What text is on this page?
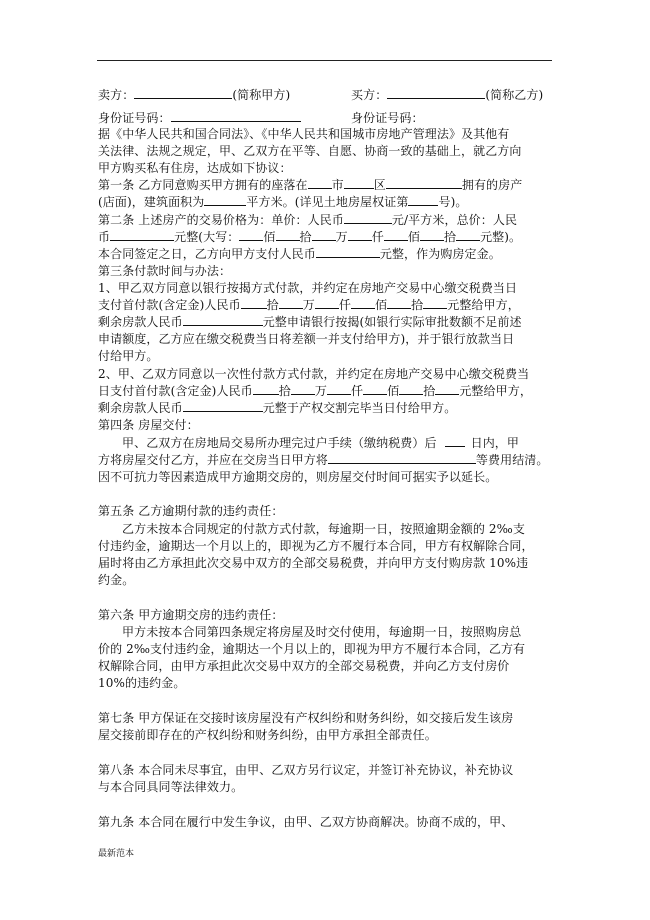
卖方：	(简称甲方)	买方：	(简称乙方)
身份证号码：	身份证号码：
据《中华人民共和国合同法》、《中华人民共和国城市房地产管理法》及其他有
关法律、法规之规定，甲、乙双方在平等、自愿、协商一致的基础上，就乙方向
甲方购买私有住房，达成如下协议：
第一条 乙方同意购买甲方拥有的座落在 市	区	拥有的房产
(店面)，建筑面积为	平方米。(详见土地房屋权证第	号)。
第二条 上述房产的交易价格为：单价：人民币	元/平方米，总价：人民
币	元整(大写： 佰 拾 万 仟 佰 拾 元整)。
本合同签定之日，乙方向甲方支付人民币	元整，作为购房定金。
第三条付款时间与办法：
1、甲乙双方同意以银行按揭方式付款，并约定在房地产交易中心缴交税费当日
支付首付款(含定金)人民币 拾 万 仟 佰 拾 元整给甲方，
剩余房款人民币	元整申请银行按揭(如银行实际审批数额不足前述
申请额度，乙方应在缴交税费当日将差额一并支付给甲方)，并于银行放款当日
付给甲方。
2、甲、乙双方同意以一次性付款方式付款，并约定在房地产交易中心缴交税费当
日支付首付款(含定金)人民币 拾 万 仟 佰 拾 元整给甲方，
剩余房款人民币	元整于产权交割完毕当日付给甲方。
第四条 房屋交付：
甲、乙双方在房地局交易所办理完过户手续（缴纳税费）后	日内，甲
方将房屋交付乙方，并应在交房当日甲方将	等费用结清。
因不可抗力等因素造成甲方逾期交房的，则房屋交付时间可据实予以延长。
第五条 乙方逾期付款的违约责任：
乙方未按本合同规定的付款方式付款，每逾期一日，按照逾期金额的 2‰支
付违约金，逾期达一个月以上的，即视为乙方不履行本合同，甲方有权解除合同，
届时将由乙方承担此次交易中双方的全部交易税费，并向甲方支付购房款 10%违
约金。
第六条 甲方逾期交房的违约责任：
甲方未按本合同第四条规定将房屋及时交付使用，每逾期一日，按照购房总
价的 2‰支付违约金，逾期达一个月以上的，即视为甲方不履行本合同，乙方有
权解除合同，由甲方承担此次交易中双方的全部交易税费，并向乙方支付房价
10%的违约金。
第七条 甲方保证在交接时该房屋没有产权纠纷和财务纠纷，如交接后发生该房
屋交接前即存在的产权纠纷和财务纠纷，由甲方承担全部责任。
第八条 本合同未尽事宜，由甲、乙双方另行议定，并签订补充协议，补充协议
与本合同具同等法律效力。
第九条 本合同在履行中发生争议，由甲、乙双方协商解决。协商不成的，甲、
最新范本
